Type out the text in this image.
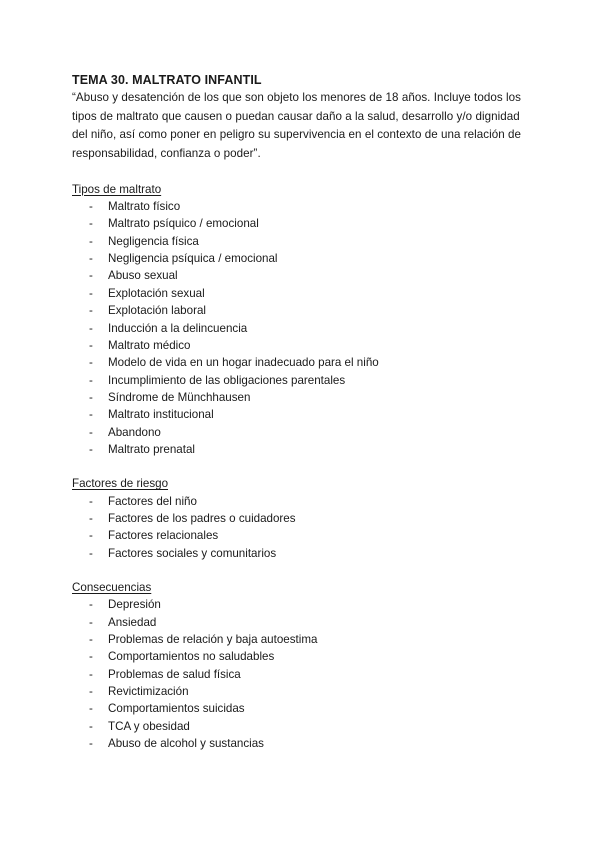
TEMA 30. MALTRATO INFANTIL

“Abuso y desatención de los que son objeto los menores de 18 años. Incluye todos los tipos de maltrato que causen o puedan causar daño a la salud, desarrollo y/o dignidad del niño, así como poner en peligro su supervivencia en el contexto de una relación de responsabilidad, confianza o poder”.

Tipos de maltrato

- Maltrato físico
- Maltrato psíquico / emocional
- Negligencia física
- Negligencia psíquica / emocional
- Abuso sexual
- Explotación sexual
- Explotación laboral
- Inducción a la delincuencia
- Maltrato médico
- Modelo de vida en un hogar inadecuado para el niño
- Incumplimiento de las obligaciones parentales
- Síndrome de Münchhausen
- Maltrato institucional
- Abandono
- Maltrato prenatal

Factores de riesgo

- Factores del niño
- Factores de los padres o cuidadores
- Factores relacionales
- Factores sociales y comunitarios

Consecuencias

- Depresión
- Ansiedad
- Problemas de relación y baja autoestima
- Comportamientos no saludables
- Problemas de salud física
- Revictimización
- Comportamientos suicidas
- TCA y obesidad
- Abuso de alcohol y sustancias
